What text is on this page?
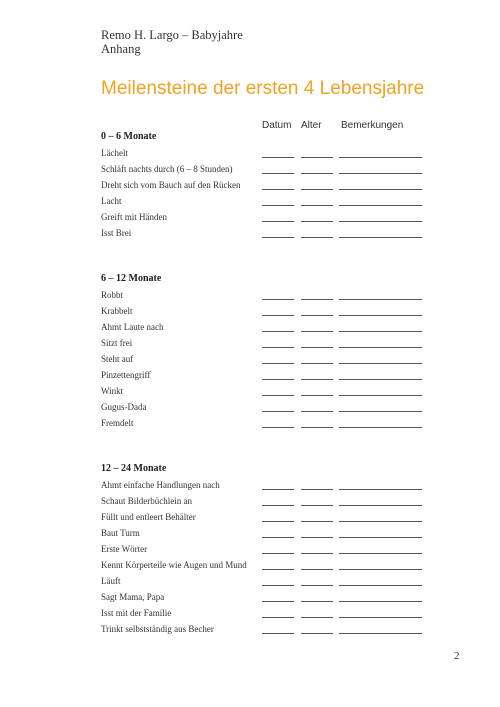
Remo H. Largo – Babyjahre
Anhang
Meilensteine der ersten 4 Lebensjahre
Datum Alter Bemerkungen
0 – 6 Monate
Lächelt
Schläft nachts durch (6 – 8 Stunden)
Dreht sich vom Bauch auf den Rücken
Lacht
Greift mit Händen
Isst Brei
6 – 12 Monate
Robbt
Krabbelt
Ahmt Laute nach
Sitzt frei
Steht auf
Pinzettengriff
Winkt
Gugus-Dada
Fremdelt
12 – 24 Monate
Ahmt einfache Handlungen nach
Schaut Bilderbüchlein an
Füllt und entleert Behälter
Baut Turm
Erste Wörter
Kennt Körperteile wie Augen und Mund
Läuft
Sagt Mama, Papa
Isst mit der Familie
Trinkt selbstständig aus Becher
2
